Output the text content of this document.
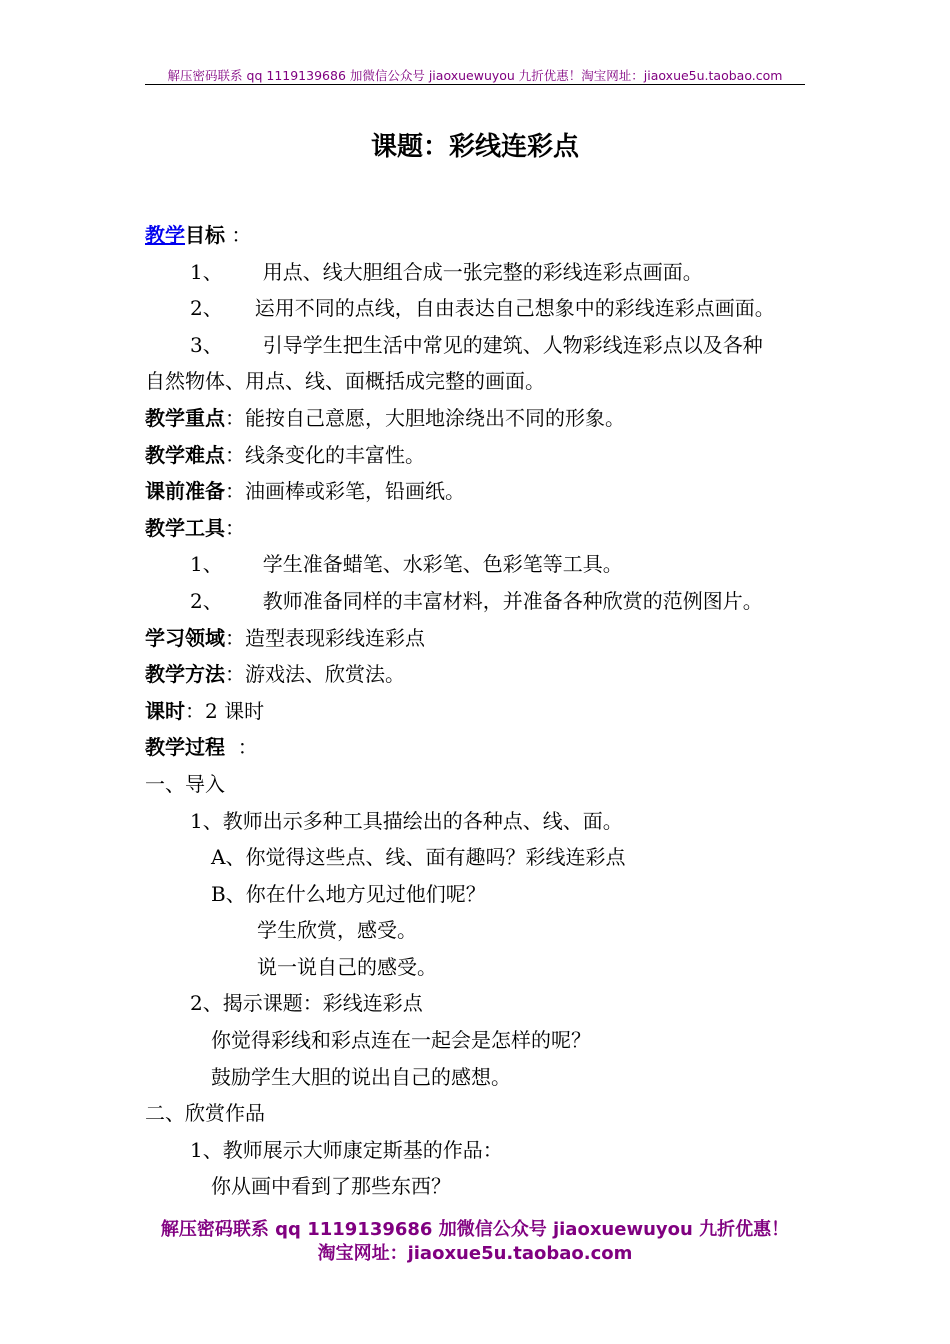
解压密码联系 qq 1119139686 加微信公众号 jiaoxuewuyou 九折优惠！淘宝网址：jiaoxue5u.taobao.com
课题：彩线连彩点
教学目标 ：
1、 用点、线大胆组合成一张完整的彩线连彩点画面。
2、 运用不同的点线，自由表达自己想象中的彩线连彩点画面。
3、 引导学生把生活中常见的建筑、人物彩线连彩点以及各种
自然物体、用点、线、面概括成完整的画面。
教学重点：能按自己意愿，大胆地涂绕出不同的形象。
教学难点：线条变化的丰富性。
课前准备：油画棒或彩笔，铅画纸。
教学工具：
1、 学生准备蜡笔、水彩笔、色彩笔等工具。
2、 教师准备同样的丰富材料，并准备各种欣赏的范例图片。
学习领域：造型表现彩线连彩点
教学方法：游戏法、欣赏法。
课时：2 课时
教学过程  ：
一、导入
1、教师出示多种工具描绘出的各种点、线、面。
A、你觉得这些点、线、面有趣吗？彩线连彩点
B、你在什么地方见过他们呢？
学生欣赏，感受。
说一说自己的感受。
2、揭示课题：彩线连彩点
你觉得彩线和彩点连在一起会是怎样的呢？
鼓励学生大胆的说出自己的感想。
二、欣赏作品
1、教师展示大师康定斯基的作品：
你从画中看到了那些东西？
解压密码联系 qq 1119139686 加微信公众号 jiaoxuewuyou 九折优惠！
淘宝网址：jiaoxue5u.taobao.com
